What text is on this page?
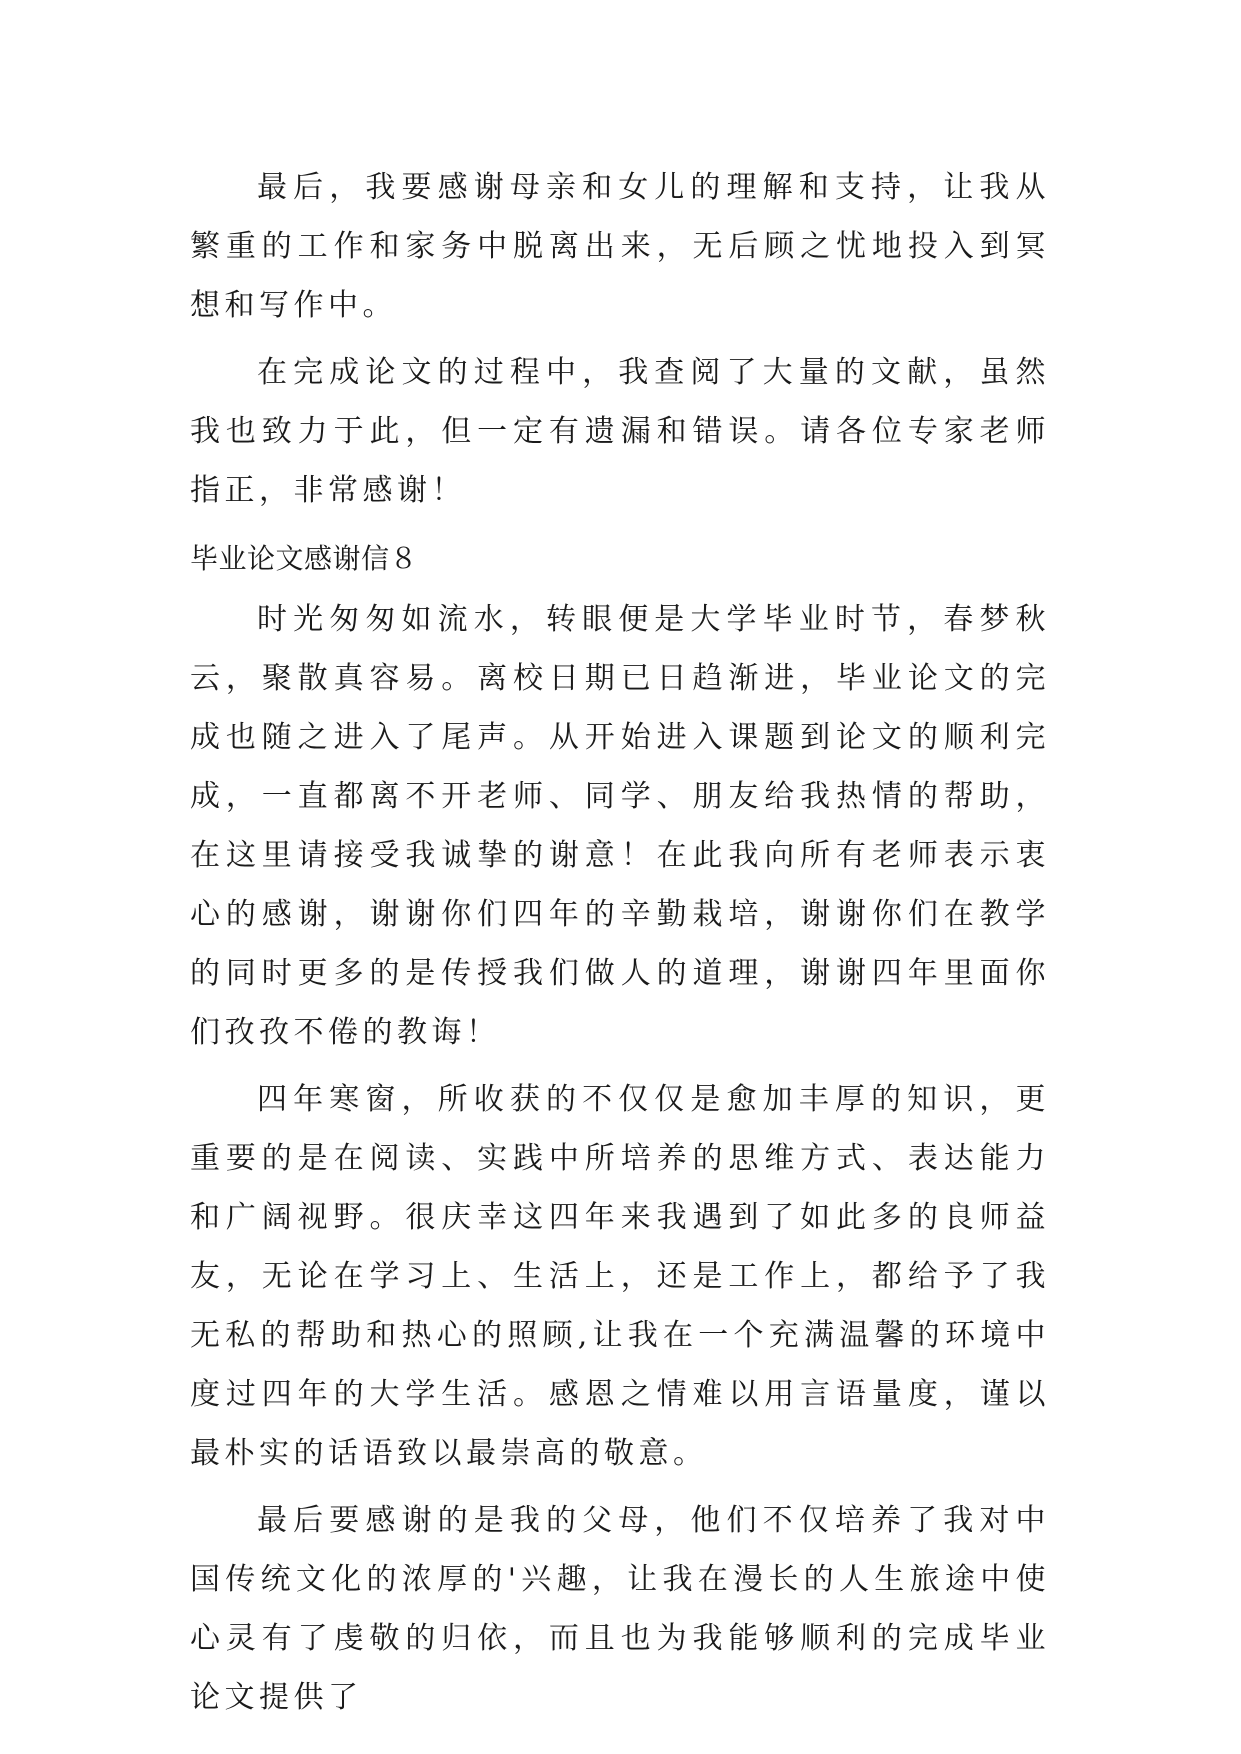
最后，我要感谢母亲和女儿的理解和支持，让我从繁重的工作和家务中脱离出来，无后顾之忧地投入到冥想和写作中。

在完成论文的过程中，我查阅了大量的文献，虽然我也致力于此，但一定有遗漏和错误。请各位专家老师指正，非常感谢！

毕业论文感谢信８

时光匆匆如流水，转眼便是大学毕业时节，春梦秋云，聚散真容易。离校日期已日趋渐进，毕业论文的完成也随之进入了尾声。从开始进入课题到论文的顺利完成，一直都离不开老师、同学、朋友给我热情的帮助，在这里请接受我诚挚的谢意！在此我向所有老师表示衷心的感谢，谢谢你们四年的辛勤栽培，谢谢你们在教学的同时更多的是传授我们做人的道理，谢谢四年里面你们孜孜不倦的教诲！

四年寒窗，所收获的不仅仅是愈加丰厚的知识，更重要的是在阅读、实践中所培养的思维方式、表达能力和广阔视野。很庆幸这四年来我遇到了如此多的良师益友，无论在学习上、生活上，还是工作上，都给予了我无私的帮助和热心的照顾,让我在一个充满温馨的环境中度过四年的大学生活。感恩之情难以用言语量度，谨以最朴实的话语致以最崇高的敬意。

最后要感谢的是我的父母，他们不仅培养了我对中国传统文化的浓厚的'兴趣，让我在漫长的人生旅途中使心灵有了虔敬的归依，而且也为我能够顺利的完成毕业论文提供了
